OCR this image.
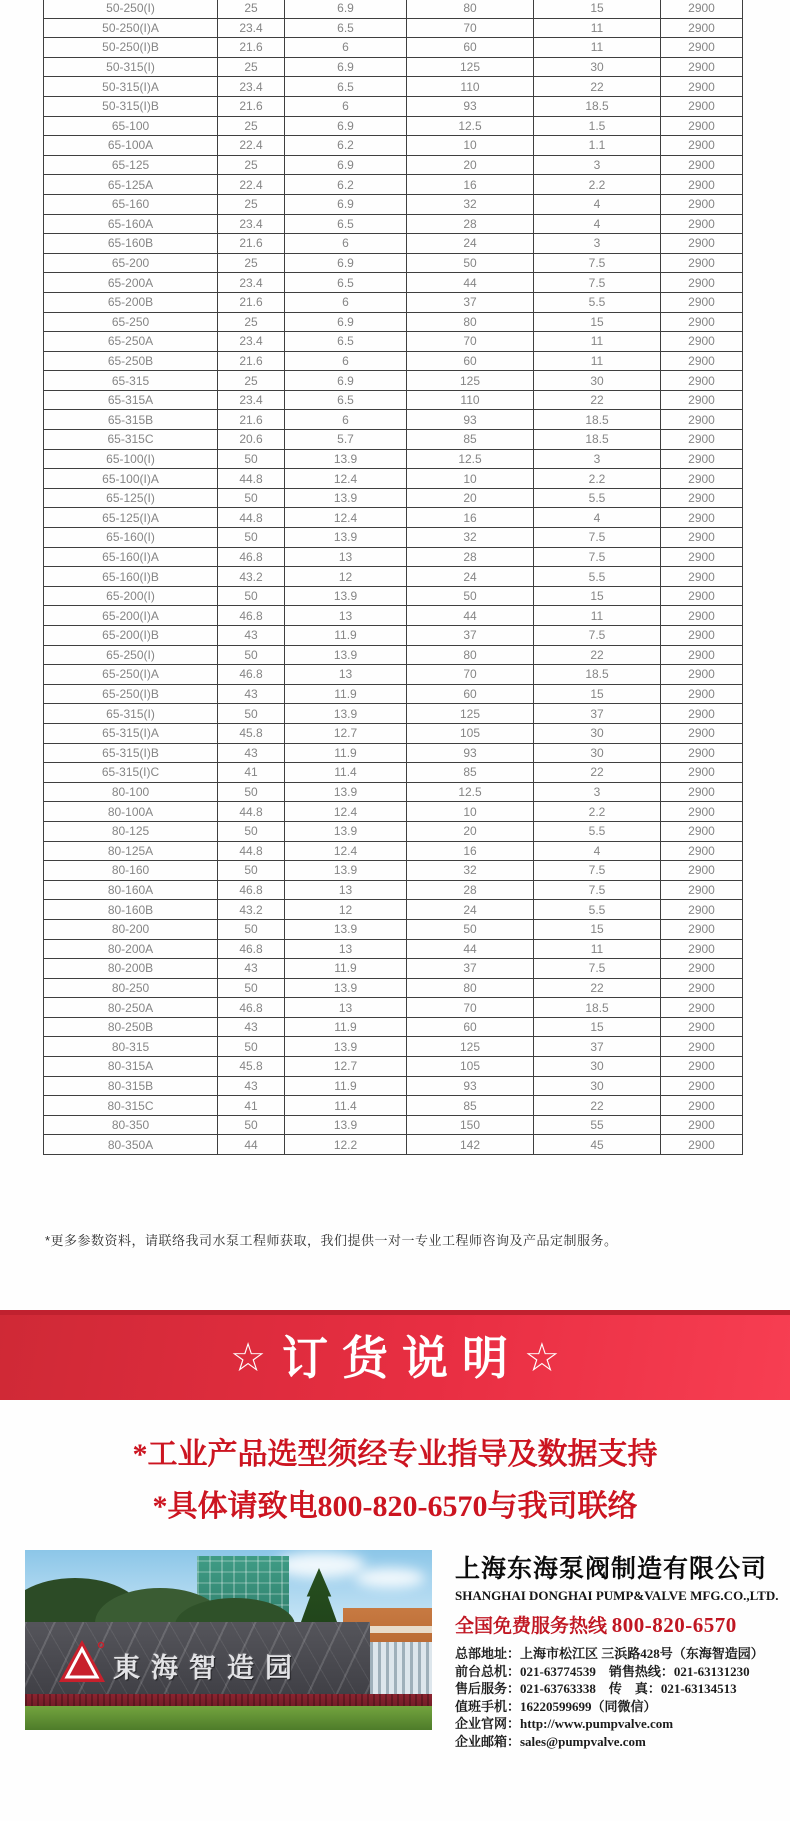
50-250(I)	25	6.9	80	15	2900
50-250(I)A	23.4	6.5	70	11	2900
50-250(I)B	21.6	6	60	11	2900
50-315(I)	25	6.9	125	30	2900
50-315(I)A	23.4	6.5	110	22	2900
50-315(I)B	21.6	6	93	18.5	2900
65-100	25	6.9	12.5	1.5	2900
65-100A	22.4	6.2	10	1.1	2900
65-125	25	6.9	20	3	2900
65-125A	22.4	6.2	16	2.2	2900
65-160	25	6.9	32	4	2900
65-160A	23.4	6.5	28	4	2900
65-160B	21.6	6	24	3	2900
65-200	25	6.9	50	7.5	2900
65-200A	23.4	6.5	44	7.5	2900
65-200B	21.6	6	37	5.5	2900
65-250	25	6.9	80	15	2900
65-250A	23.4	6.5	70	11	2900
65-250B	21.6	6	60	11	2900
65-315	25	6.9	125	30	2900
65-315A	23.4	6.5	110	22	2900
65-315B	21.6	6	93	18.5	2900
65-315C	20.6	5.7	85	18.5	2900
65-100(I)	50	13.9	12.5	3	2900
65-100(I)A	44.8	12.4	10	2.2	2900
65-125(I)	50	13.9	20	5.5	2900
65-125(I)A	44.8	12.4	16	4	2900
65-160(I)	50	13.9	32	7.5	2900
65-160(I)A	46.8	13	28	7.5	2900
65-160(I)B	43.2	12	24	5.5	2900
65-200(I)	50	13.9	50	15	2900
65-200(I)A	46.8	13	44	11	2900
65-200(I)B	43	11.9	37	7.5	2900
65-250(I)	50	13.9	80	22	2900
65-250(I)A	46.8	13	70	18.5	2900
65-250(I)B	43	11.9	60	15	2900
65-315(I)	50	13.9	125	37	2900
65-315(I)A	45.8	12.7	105	30	2900
65-315(I)B	43	11.9	93	30	2900
65-315(I)C	41	11.4	85	22	2900
80-100	50	13.9	12.5	3	2900
80-100A	44.8	12.4	10	2.2	2900
80-125	50	13.9	20	5.5	2900
80-125A	44.8	12.4	16	4	2900
80-160	50	13.9	32	7.5	2900
80-160A	46.8	13	28	7.5	2900
80-160B	43.2	12	24	5.5	2900
80-200	50	13.9	50	15	2900
80-200A	46.8	13	44	11	2900
80-200B	43	11.9	37	7.5	2900
80-250	50	13.9	80	22	2900
80-250A	46.8	13	70	18.5	2900
80-250B	43	11.9	60	15	2900
80-315	50	13.9	125	37	2900
80-315A	45.8	12.7	105	30	2900
80-315B	43	11.9	93	30	2900
80-315C	41	11.4	85	22	2900
80-350	50	13.9	150	55	2900
80-350A	44	12.2	142	45	2900
*更多参数资料，请联络我司水泵工程师获取，我们提供一对一专业工程师咨询及产品定制服务。
☆ 订货说明 ☆
*工业产品选型须经专业指导及数据支持
*具体请致电800-820-6570与我司联络
東海智造园
上海东海泵阀制造有限公司
SHANGHAI DONGHAI PUMP&VALVE MFG.CO.,LTD.
全国免费服务热线 800-820-6570
总部地址：上海市松江区 三浜路428号（东海智造园）
前台总机：021-63774539　销售热线：021-63131230
售后服务：021-63763338　传　真：021-63134513
值班手机：16220599699（同微信）
企业官网：http://www.pumpvalve.com
企业邮箱：sales@pumpvalve.com
